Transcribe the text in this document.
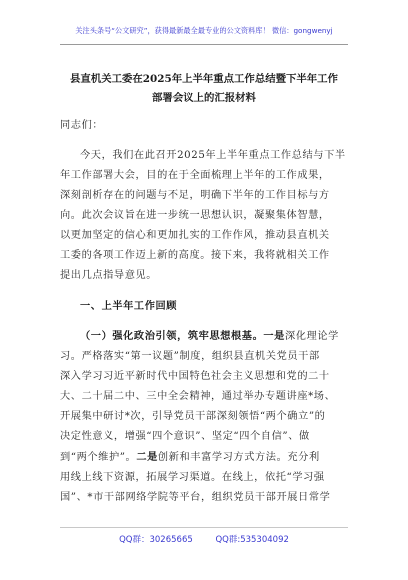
关注头条号“公文研究”，获得最新最全最专业的公文资料库！ 微信：gongwenyj
县直机关工委在2025年上半年重点工作总结暨下半年工作
部署会议上的汇报材料
同志们：
今天，我们在此召开2025年上半年重点工作总结与下半
年工作部署大会，目的在于全面梳理上半年的工作成果，
深刻剖析存在的问题与不足，明确下半年的工作目标与方
向。此次会议旨在进一步统一思想认识，凝聚集体智慧，
以更加坚定的信心和更加扎实的工作作风，推动县直机关
工委的各项工作迈上新的高度。接下来，我将就相关工作
提出几点指导意见。
一、上半年工作回顾
（一）强化政治引领，筑牢思想根基。一是深化理论学
习。严格落实“第一议题”制度，组织县直机关党员干部
深入学习习近平新时代中国特色社会主义思想和党的二十
大、二十届二中、三中全会精神，通过举办专题讲座*场、
开展集中研讨*次，引导党员干部深刻领悟“两个确立”的
决定性意义，增强“四个意识”、坚定“四个自信”、做
到“两个维护”。二是创新和丰富学习方式方法。充分利
用线上线下资源，拓展学习渠道。在线上，依托“学习强
国”、*市干部网络学院等平台，组织党员干部开展日常学
QQ群：30265665	QQ群:535304092
